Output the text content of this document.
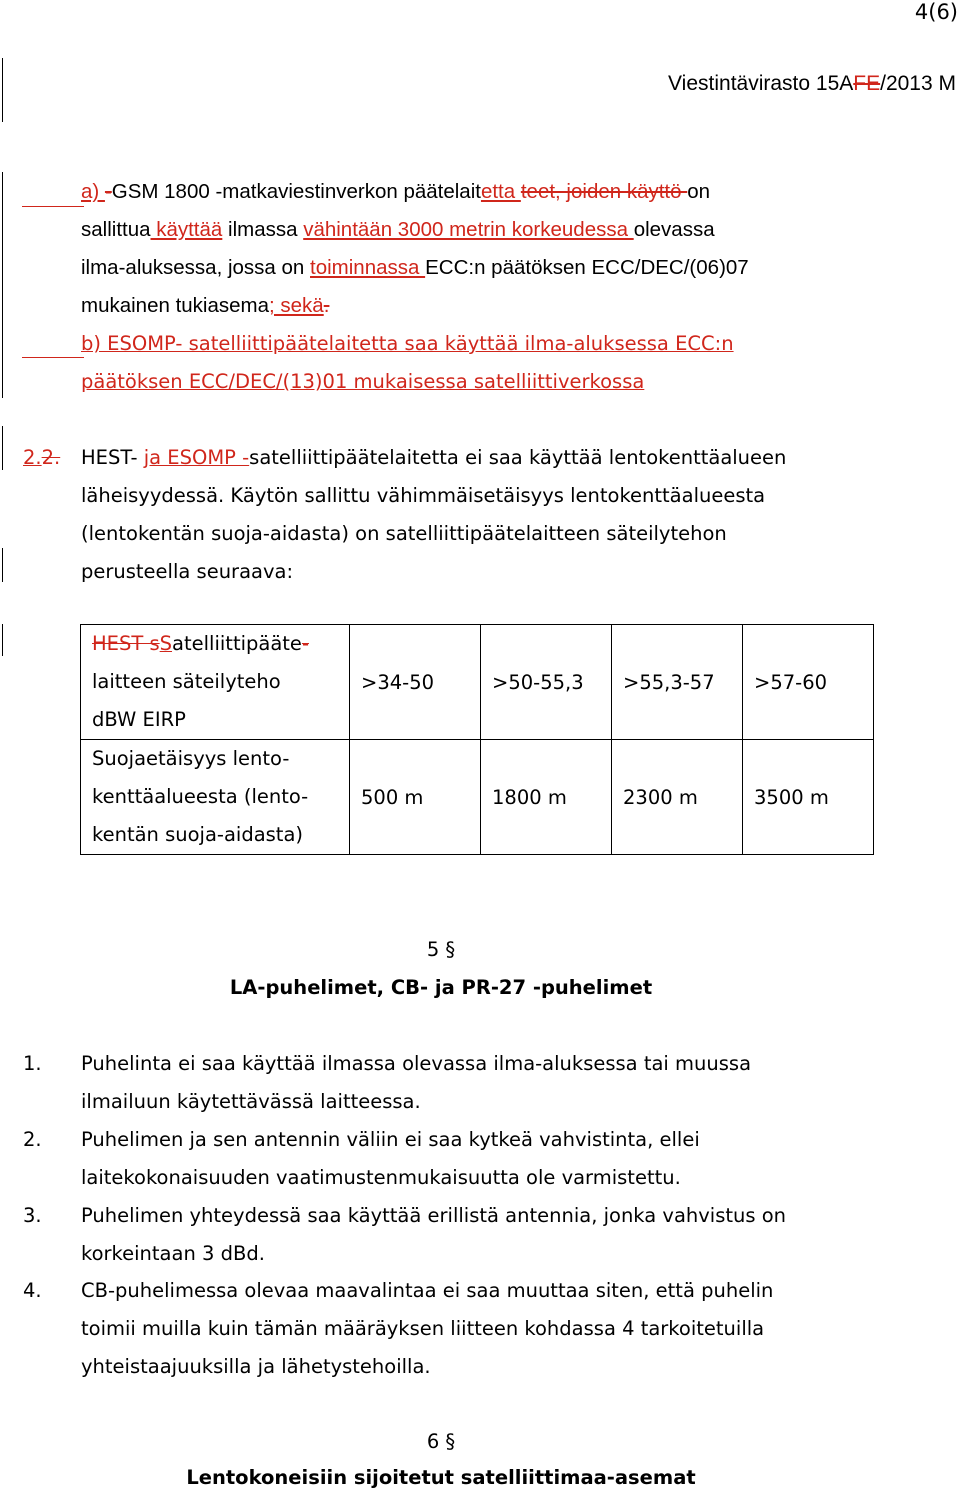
4(6)
Viestintävirasto 15AFE/2013 M
a) -GSM 1800 -matkaviestinverkon päätelaitetta teet, joiden käyttö on
sallittua käyttää ilmassa vähintään 3000 metrin korkeudessa olevassa
ilma-aluksessa, jossa on toiminnassa ECC:n päätöksen ECC/DEC/(06)07
mukainen tukiasema; sekä.
b) ESOMP- satelliittipäätelaitetta saa käyttää ilma-aluksessa ECC:n
päätöksen ECC/DEC/(13)01 mukaisessa satelliittiverkossa
2.2. HEST- ja ESOMP -satelliittipäätelaitetta ei saa käyttää lentokenttäalueen
läheisyydessä. Käytön sallittu vähimmäisetäisyys lentokenttäalueesta
(lentokentän suoja-aidasta) on satelliittipäätelaitteen säteilytehon
perusteella seuraava:
HEST sSatelliittipääte-
laitteen säteilyteho
dBW EIRP	>34-50	>50-55,3	>55,3-57	>57-60

Suojaetäisyys lento-
kenttäalueesta (lento-
kentän suoja-aidasta)	500 m	1800 m	2300 m	3500 m
5 §
LA-puhelimet, CB- ja PR-27 -puhelimet
1. Puhelinta ei saa käyttää ilmassa olevassa ilma-aluksessa tai muussa
ilmailuun käytettävässä laitteessa.
2. Puhelimen ja sen antennin väliin ei saa kytkeä vahvistinta, ellei
laitekokonaisuuden vaatimustenmukaisuutta ole varmistettu.
3. Puhelimen yhteydessä saa käyttää erillistä antennia, jonka vahvistus on
korkeintaan 3 dBd.
4. CB-puhelimessa olevaa maavalintaa ei saa muuttaa siten, että puhelin
toimii muilla kuin tämän määräyksen liitteen kohdassa 4 tarkoitetuilla
yhteistaajuuksilla ja lähetystehoilla.
6 §
Lentokoneisiin sijoitetut satelliittimaa-asemat
